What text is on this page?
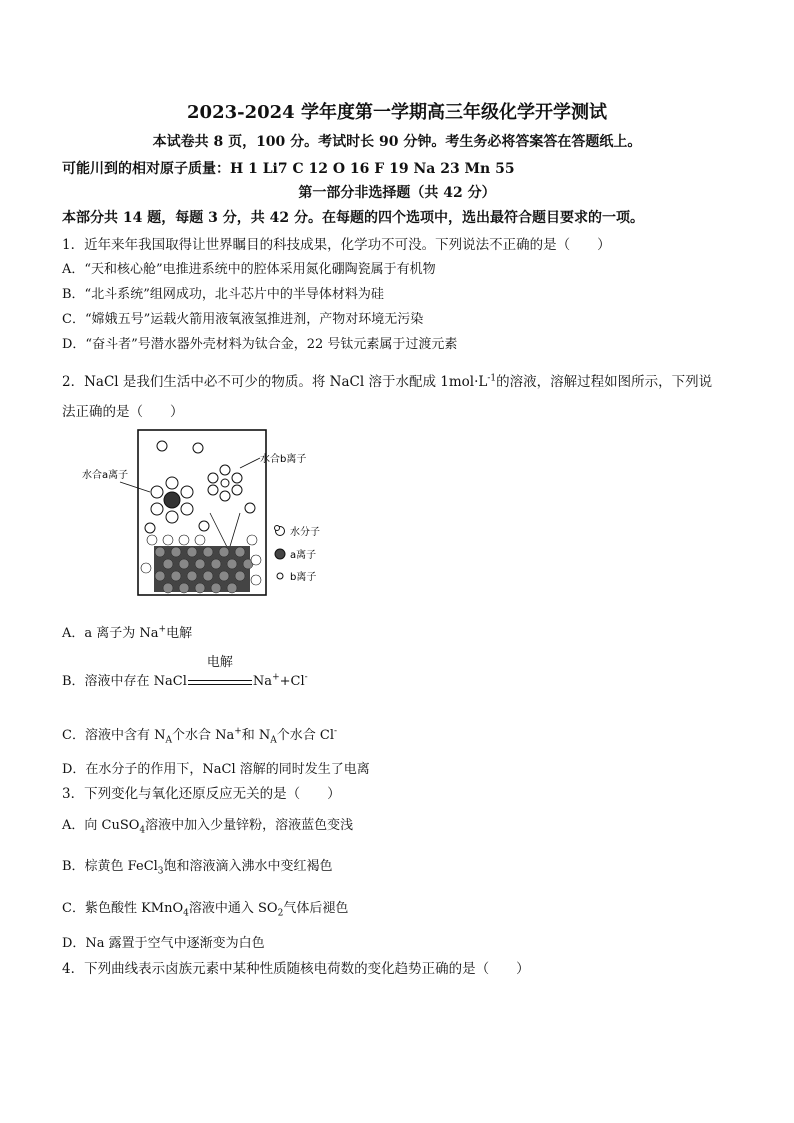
2023-2024 学年度第一学期高三年级化学开学测试
本试卷共 8 页，100 分。考试时长 90 分钟。考生务必将答案答在答题纸上。
可能川到的相对原子质量：H 1 Li7 C 12 O 16 F 19 Na 23 Mn 55
第一部分非选择题（共 42 分）
本部分共 14 题，每题 3 分，共 42 分。在每题的四个选项中，选出最符合题目要求的一项。
1．近年来年我国取得让世界瞩目的科技成果，化学功不可没。下列说法不正确的是（　　）
A．“天和核心舱”电推进系统中的腔体采用氮化硼陶瓷属于有机物
B．“北斗系统”组网成功，北斗芯片中的半导体材料为硅
C．“嫦娥五号”运载火箭用液氧液氢推进剂，产物对环境无污染
D．“奋斗者”号潜水器外壳材料为钛合金，22 号钛元素属于过渡元素
2．NaCl 是我们生活中必不可少的物质。将 NaCl 溶于水配成 $1mol\cdot L^{-1}$的溶液，溶解过程如图所示，下列说
法正确的是（　　）
水合a离子
水合b离子
水分子
a离子
b离子
A．a 离子为 Na+电解
B．溶液中存在 NaCl
电解
Na++Cl-
C．溶液中含有 $N_A$个水合 Na+和 $N_A$个水合 Cl-
D．在水分子的作用下，NaCl 溶解的同时发生了电离
3．下列变化与氧化还原反应无关的是（　　）
A．向 CuSO$_4$溶液中加入少量锌粉，溶液蓝色变浅
B．棕黄色 FeCl$_3$饱和溶液滴入沸水中变红褐色
C．紫色酸性 KMnO$_4$溶液中通入 $SO_2$气体后褪色
D．Na 露置于空气中逐渐变为白色
4．下列曲线表示卤族元素中某种性质随核电荷数的变化趋势正确的是（　　）
